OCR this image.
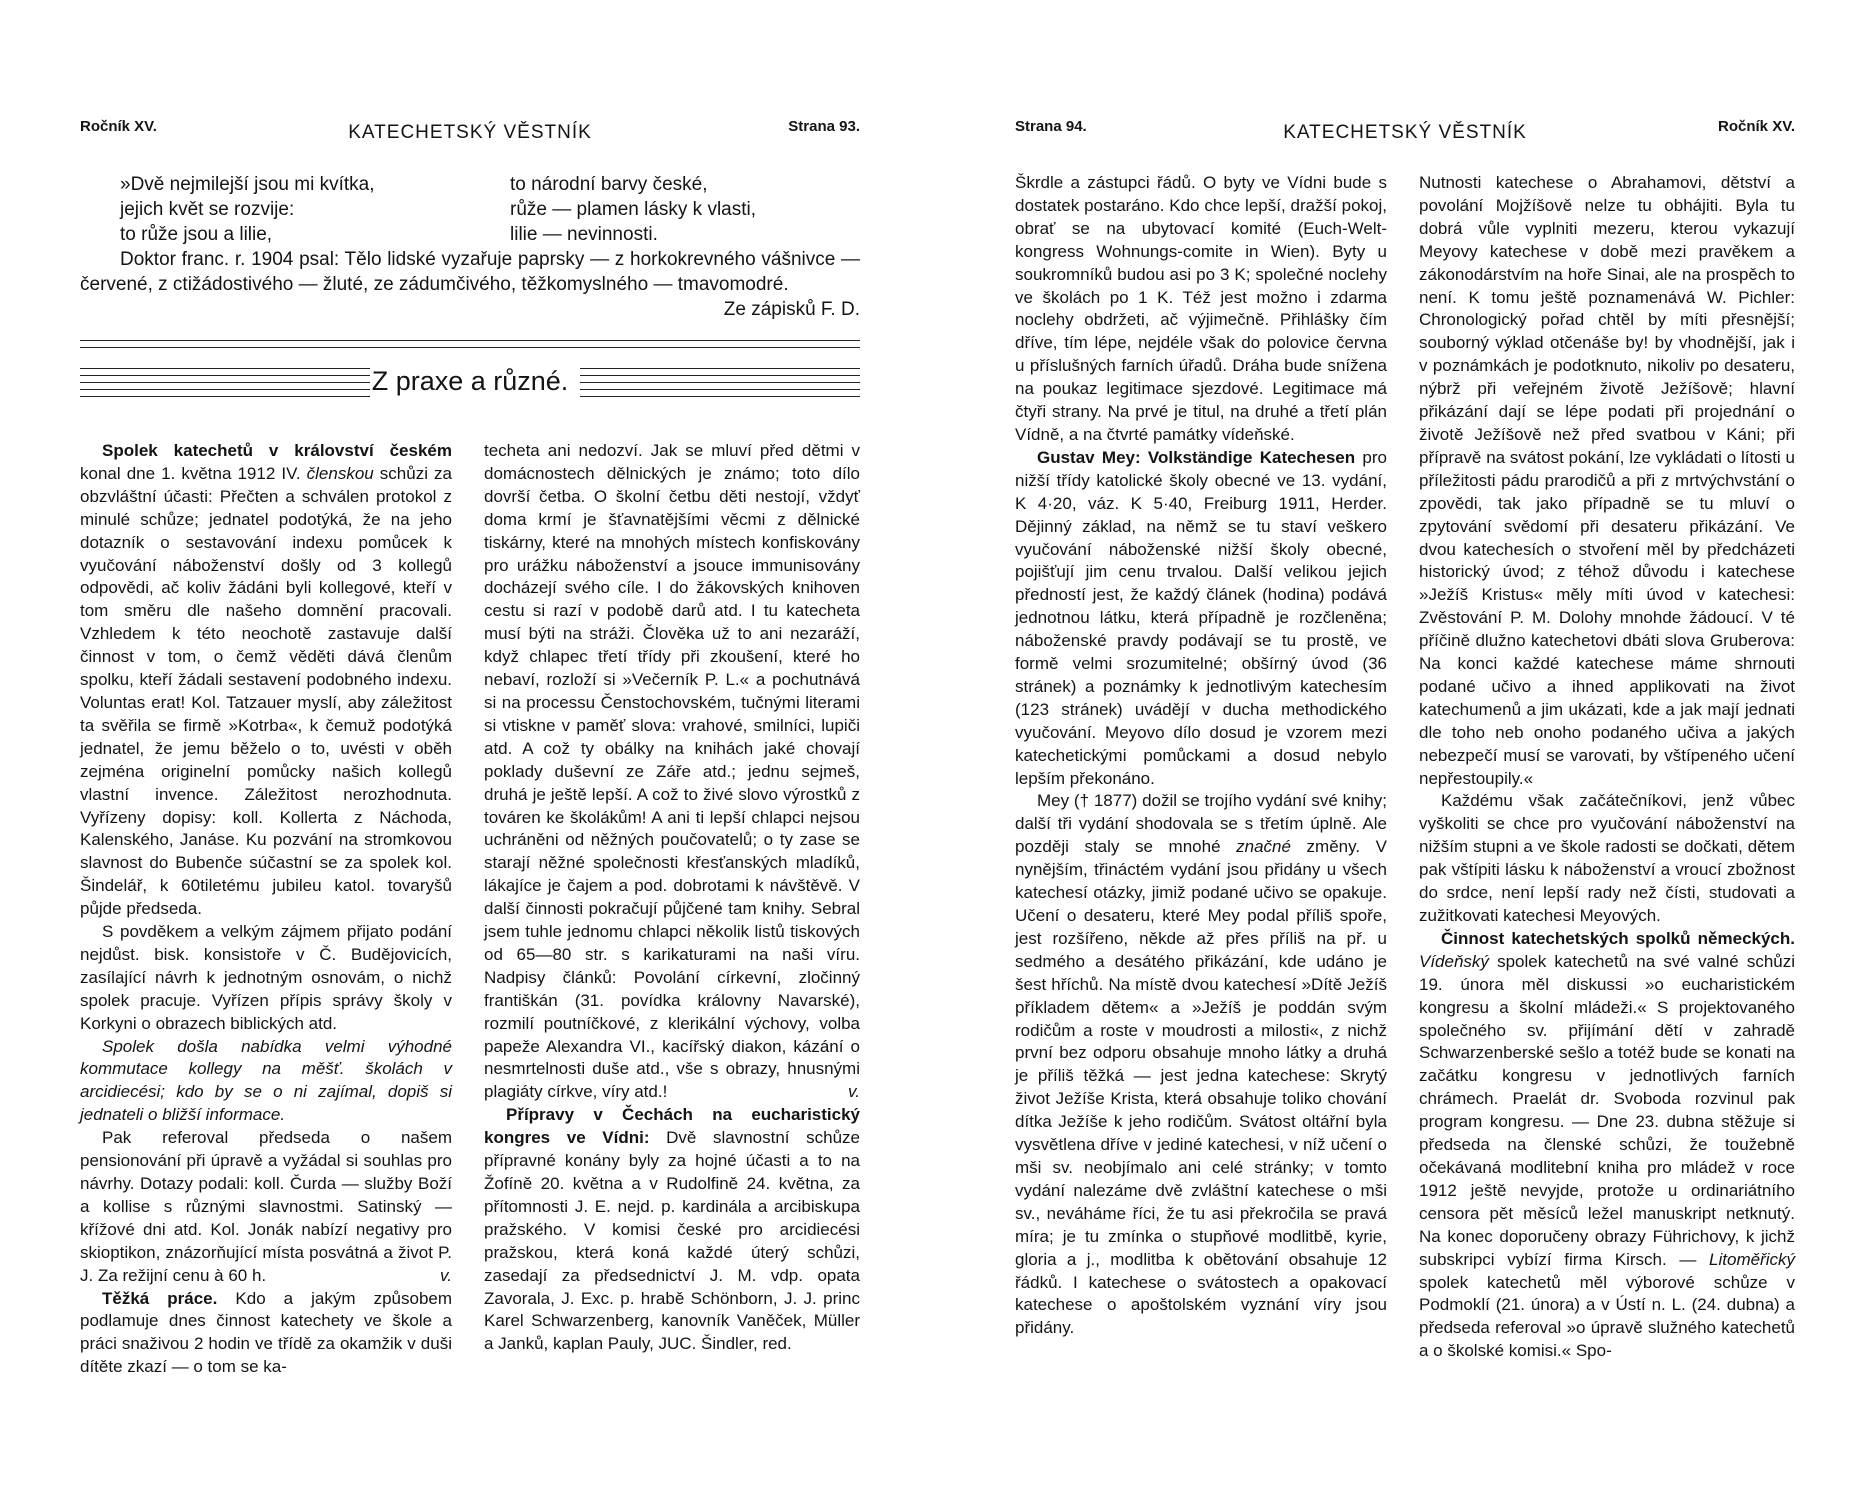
Ročník XV.	KATECHETSKÝ VĚSTNÍK	Strana 93.
»Dvě nejmilejší jsou mi kvítka,
jejich květ se rozvije:
to růže jsou a lilie,
to národní barvy české,
růže — plamen lásky k vlasti,
lilie — nevinnosti.

Doktor franc. r. 1904 psal: Tělo lidské vyzařuje paprsky — z horkokrevného vášnivce — červené, z ctižádostivého — žluté, ze zádumčivého, těžkomyslného — tmavomodré.
Ze zápisků F. D.

Z praxe a různé.

Spolek katechetů v království českém konal dne 1. května 1912 IV. členskou schůzi za obzvláštní účasti: Přečten a schválen protokol z minulé schůze; jednatel podotýká, že na jeho dotazník o sestavování indexu pomůcek k vyučování náboženství došly od 3 kollegů odpovědi, ač koliv žádáni byli kollegové, kteří v tom směru dle našeho domnění pracovali. Vzhledem k této neochotě zastavuje další činnost v tom, o čemž věděti dává členům spolku, kteří žádali sestavení podobného indexu. Voluntas erat! Kol. Tatzauer myslí, aby záležitost ta svěřila se firmě »Kotrba«, k čemuž podotýká jednatel, že jemu běželo o to, uvésti v oběh zejména originelní pomůcky našich kollegů vlastní invence. Záležitost nerozhodnuta. Vyřízeny dopisy: koll. Kollerta z Náchoda, Kalenského, Janáse. Ku pozvání na stromkovou slavnost do Bubenče súčastní se za spolek kol. Šindelář, k 60tiletému jubileu katol. tovaryšů půjde předseda.

S povděkem a velkým zájmem přijato podání nejdůst. bisk. konsistoře v Č. Budějovicích, zasílající návrh k jednotným osnovám, o nichž spolek pracuje. Vyřízen přípis správy školy v Korkyni o obrazech biblických atd.

Spolek došla nabídka velmi výhodné kommutace kollegy na měšť. školách v arcidiecési; kdo by se o ni zajímal, dopiš si jednateli o bližší informace.

Pak referoval předseda o našem pensionování při úpravě a vyžádal si souhlas pro návrhy. Dotazy podali: koll. Čurda — služby Boží a kollise s různými slavnostmi. Satinský — křížové dni atd. Kol. Jonák nabízí negativy pro skioptikon, znázorňující místa posvátná a život P. J. Za režijní cenu à 60 h.	v.

Těžká práce. Kdo a jakým způsobem podlamuje dnes činnost katechety ve škole a práci snaživou 2 hodin ve třídě za okamžik v duši dítěte zkazí — o tom se ka-

techeta ani nedozví. Jak se mluví před dětmi v domácnostech dělnických je známo; toto dílo dovrší četba. O školní četbu děti nestojí, vždyť doma krmí je šťavnatějšími věcmi z dělnické tiskárny, které na mnohých místech konfiskovány pro urážku náboženství a jsouce immunisovány docházejí svého cíle. I do žákovských knihoven cestu si razí v podobě darů atd. I tu katecheta musí býti na stráži. Člověka už to ani nezaráží, když chlapec třetí třídy při zkoušení, které ho nebaví, rozloží si »Večerník P. L.« a pochutnává si na processu Čenstochovském, tučnými literami si vtiskne v paměť slova: vrahové, smilníci, lupiči atd. A což ty obálky na knihách jaké chovají poklady duševní ze Záře atd.; jednu sejmeš, druhá je ještě lepší. A což to živé slovo výrostků z továren ke školákům! A ani ti lepší chlapci nejsou uchráněni od něžných poučovatelů; o ty zase se starají něžné společnosti křesťanských mladíků, lákajíce je čajem a pod. dobrotami k návštěvě. V další činnosti pokračují půjčené tam knihy. Sebral jsem tuhle jednomu chlapci několik listů tiskových od 65—80 str. s karikaturami na naši víru. Nadpisy článků: Povolání církevní, zločinný františkán (31. povídka královny Navarské), rozmilí poutníčkové, z klerikální výchovy, volba papeže Alexandra VI., kacířský diakon, kázání o nesmrtelnosti duše atd., vše s obrazy, hnusnými plagiáty církve, víry atd.!	v.

Přípravy v Čechách na eucharistický kongres ve Vídni: Dvě slavnostní schůze přípravné konány byly za hojné účasti a to na Žofíně 20. května a v Rudolfině 24. května, za přítomnosti J. E. nejd. p. kardinála a arcibiskupa pražského. V komisi české pro arcidiecési pražskou, která koná každé úterý schůzi, zasedají za předsednictví J. M. vdp. opata Zavorala, J. Exc. p. hrabě Schönborn, J. J. princ Karel Schwarzenberg, kanovník Vaněček, Müller a Janků, kaplan Pauly, JUC. Šindler, red.

Strana 94.	KATECHETSKÝ VĚSTNÍK	Ročník XV.

Škrdle a zástupci řádů. O byty ve Vídni bude s dostatek postaráno. Kdo chce lepší, dražší pokoj, obrať se na ubytovací komité (Euch-Welt-kongress Wohnungs-comite in Wien). Byty u soukromníků budou asi po 3 K; společné noclehy ve školách po 1 K. Též jest možno i zdarma noclehy obdržeti, ač výjimečně. Přihlášky čím dříve, tím lépe, nejdéle však do polovice června u příslušných farních úřadů. Dráha bude snížena na poukaz legitimace sjezdové. Legitimace má čtyři strany. Na prvé je titul, na druhé a třetí plán Vídně, a na čtvrté památky vídeňské.

Gustav Mey: Volkständige Katechesen pro nižší třídy katolické školy obecné ve 13. vydání, K 4·20, váz. K 5·40, Freiburg 1911, Herder. Dějinný základ, na němž se tu staví veškero vyučování náboženské nižší školy obecné, pojišťují jim cenu trvalou. Další velikou jejich předností jest, že každý článek (hodina) podává jednotnou látku, která případně je rozčleněna; náboženské pravdy podávají se tu prostě, ve formě velmi srozumitelné; obšírný úvod (36 stránek) a poznámky k jednotlivým katechesím (123 stránek) uvádějí v ducha methodického vyučování. Meyovo dílo dosud je vzorem mezi katechetickými pomůckami a dosud nebylo lepším překonáno.

Mey († 1877) dožil se trojího vydání své knihy; další tři vydání shodovala se s třetím úplně. Ale později staly se mnohé značné změny. V nynějším, třináctém vydání jsou přidány u všech katechesí otázky, jimiž podané učivo se opakuje. Učení o desateru, které Mey podal příliš spoře, jest rozšířeno, někde až přes příliš na př. u sedmého a desátého přikázání, kde udáno je šest hříchů. Na místě dvou katechesí »Dítě Ježíš příkladem dětem« a »Ježíš je poddán svým rodičům a roste v moudrosti a milosti«, z nichž první bez odporu obsahuje mnoho látky a druhá je příliš těžká — jest jedna katechese: Skrytý život Ježíše Krista, která obsahuje toliko chování dítka Ježíše k jeho rodičům. Svátost oltářní byla vysvětlena dříve v jediné katechesi, v níž učení o mši sv. neobjímalo ani celé stránky; v tomto vydání nalezáme dvě zvláštní katechese o mši sv., neváháme říci, že tu asi překročila se pravá míra; je tu zmínka o stupňové modlitbě, kyrie, gloria a j., modlitba k obětování obsahuje 12 řádků. I katechese o svátostech a opakovací katechese o apoštolském vyznání víry jsou přidány.

Nutnosti katechese o Abrahamovi, dětství a povolání Mojžíšově nelze tu obhájiti. Byla tu dobrá vůle vyplniti mezeru, kterou vykazují Meyovy katechese v době mezi pravěkem a zákonodárstvím na hoře Sinai, ale na prospěch to není. K tomu ještě poznamenává W. Pichler: Chronologický pořad chtěl by míti přesnější; souborný výklad otčenáše by! by vhodnější, jak i v poznámkách je podotknuto, nikoliv po desateru, nýbrž při veřejném životě Ježíšově; hlavní přikázání dají se lépe podati při projednání o životě Ježíšově než před svatbou v Káni; při přípravě na svátost pokání, lze vykládati o lítosti u příležitosti pádu prarodičů a při z mrtvýchvstání o zpovědi, tak jako případně se tu mluví o zpytování svědomí při desateru přikázání. Ve dvou katechesích o stvoření měl by předcházeti historický úvod; z téhož důvodu i katechese »Ježíš Kristus« měly míti úvod v katechesi: Zvěstování P. M. Dolohy mnohde žádoucí. V té příčině dlužno katechetovi dbáti slova Gruberova: Na konci každé katechese máme shrnouti podané učivo a ihned applikovati na život katechumenů a jim ukázati, kde a jak mají jednati dle toho neb onoho podaného učiva a jakých nebezpečí musí se varovati, by vštípeného učení nepřestoupily.«

Každému však začátečníkovi, jenž vůbec vyškoliti se chce pro vyučování náboženství na nižším stupni a ve škole radosti se dočkati, dětem pak vštípiti lásku k náboženství a vroucí zbožnost do srdce, není lepší rady než čísti, studovati a zužitkovati katechesi Meyových.

Činnost katechetských spolků německých. Vídeňský spolek katechetů na své valné schůzi 19. února měl diskussi »o eucharistickém kongresu a školní mládeži.« S projektovaného společného sv. přijímání dětí v zahradě Schwarzenberské sešlo a totéž bude se konati na začátku kongresu v jednotlivých farních chrámech. Praelát dr. Svoboda rozvinul pak program kongresu. — Dne 23. dubna stěžuje si předseda na členské schůzi, že toužebně očekávaná modlitební kniha pro mládež v roce 1912 ještě nevyjde, protože u ordinariátního censora pět měsíců ležel manuskript netknutý. Na konec doporučeny obrazy Führichovy, k jichž subskripci vybízí firma Kirsch. — Litoměřický spolek katechetů měl výborové schůze v Podmoklí (21. února) a v Ústí n. L. (24. dubna) a předseda referoval »o úpravě služného katechetů a o školské komisi.« Spo-
